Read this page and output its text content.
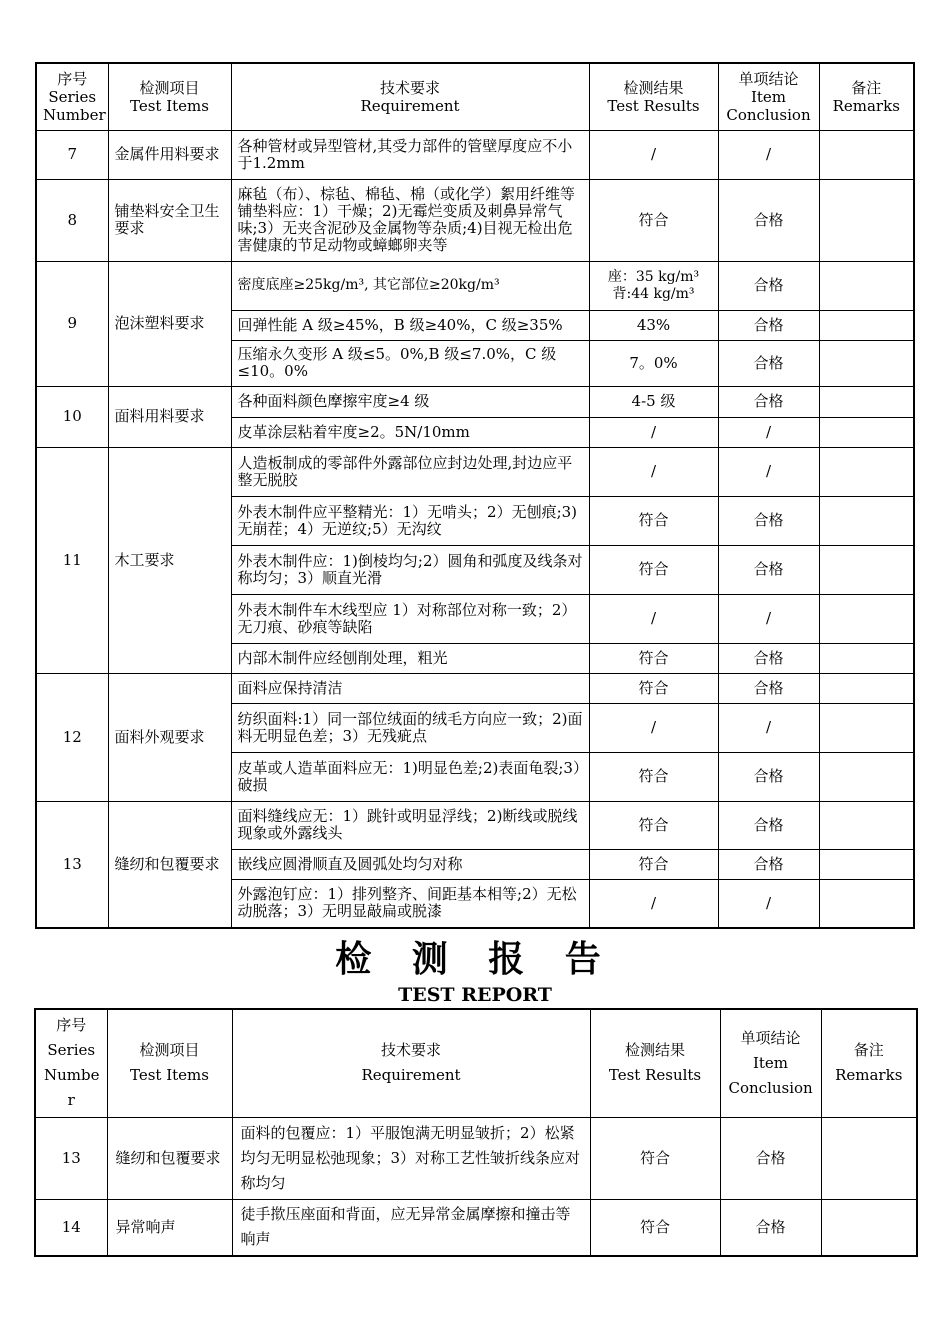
序号
Series
Number	检测项目
Test Items	技术要求
Requirement	检测结果
Test Results	单项结论
Item
Conclusion	备注
Remarks
7	金属件用料要求	各种管材或异型管材,其受力部件的管壁厚度应不小于1.2mm	/	/	
8	铺垫料安全卫生要求	麻毡（布）、棕毡、棉毡、棉（或化学）絮用纤维等铺垫料应：1）干燥；2)无霉烂变质及刺鼻异常气味;3）无夹含泥砂及金属物等杂质;4)目视无检出危害健康的节足动物或蟑螂卵夹等	符合	合格	
9	泡沫塑料要求	密度底座≥25kg/m³, 其它部位≥20kg/m³	座：35 kg/m³
背:44 kg/m³	合格	
		回弹性能 A 级≥45%，B 级≥40%，C 级≥35%	43%	合格	
		压缩永久变形 A 级≤5。0%,B 级≤7.0%，C 级≤10。0%	7。0%	合格	
10	面料用料要求	各种面料颜色摩擦牢度≥4 级	4-5 级	合格	
		皮革涂层粘着牢度≥2。5N/10mm	/	/	
11	木工要求	人造板制成的零部件外露部位应封边处理,封边应平整无脱胶	/	/	
		外表木制件应平整精光：1）无啃头；2）无刨痕;3)无崩茬；4）无逆纹;5）无沟纹	符合	合格	
		外表木制件应：1)倒棱均匀;2）圆角和弧度及线条对称均匀；3）顺直光滑	符合	合格	
		外表木制件车木线型应 1）对称部位对称一致；2）无刀痕、砂痕等缺陷	/	/	
		内部木制件应经刨削处理，粗光	符合	合格	
12	面料外观要求	面料应保持清洁	符合	合格	
		纺织面料:1）同一部位绒面的绒毛方向应一致；2)面料无明显色差；3）无残疵点	/	/	
		皮革或人造革面料应无：1)明显色差;2)表面龟裂;3）破损	符合	合格	
13	缝纫和包覆要求	面料缝线应无：1）跳针或明显浮线；2)断线或脱线现象或外露线头	符合	合格	
		嵌线应圆滑顺直及圆弧处均匀对称	符合	合格	
		外露泡钉应：1）排列整齐、间距基本相等;2）无松动脱落；3）无明显敲扁或脱漆	/	/	
检 测 报 告
TEST REPORT
序号
Series
Numbe
r	检测项目
Test Items	技术要求
Requirement	检测结果
Test Results	单项结论
Item
Conclusion	备注
Remarks
13	缝纫和包覆要求	面料的包覆应：1）平服饱满无明显皱折；2）松紧均匀无明显松弛现象；3）对称工艺性皱折线条应对称均匀	符合	合格	
14	异常响声	徒手揿压座面和背面，应无异常金属摩擦和撞击等响声	符合	合格	
